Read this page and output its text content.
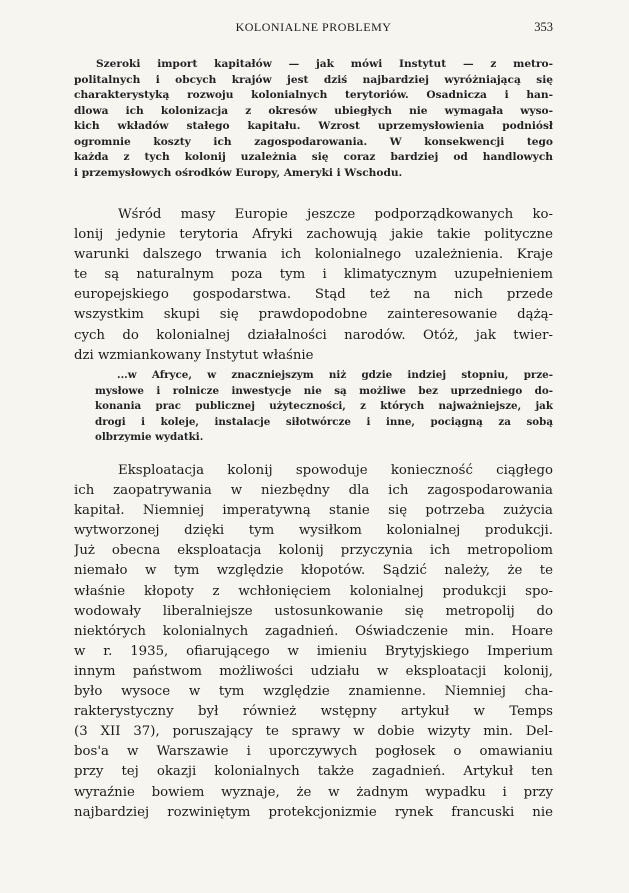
KOLONIALNE PROBLEMY	353
Szeroki import kapitałów — jak mówi Instytut — z metro-
politalnych i obcych krajów jest dziś najbardziej wyróżniającą się
charakterystyką rozwoju kolonialnych terytoriów. Osadnicza i han-
dlowa ich kolonizacja z okresów ubiegłych nie wymagała wyso-
kich wkładów stałego kapitału. Wzrost uprzemysłowienia podniósł
ogromnie koszty ich zagospodarowania. W konsekwencji tego
każda z tych kolonij uzależnia się coraz bardziej od handlowych
i przemysłowych ośrodków Europy, Ameryki i Wschodu.
Wśród masy Europie jeszcze podporządkowanych ko-
lonij jedynie terytoria Afryki zachowują jakie takie polityczne
warunki dalszego trwania ich kolonialnego uzależnienia. Kraje
te są naturalnym poza tym i klimatycznym uzupełnieniem
europejskiego gospodarstwa. Stąd też na nich przede
wszystkim skupi się prawdopodobne zainteresowanie dążą-
cych do kolonialnej działalności narodów. Otóż, jak twier-
dzi wzmiankowany Instytut właśnie
...w Afryce, w znaczniejszym niż gdzie indziej stopniu, prze-
mysłowe i rolnicze inwestycje nie są możliwe bez uprzedniego do-
konania prac publicznej użyteczności, z których najważniejsze, jak
drogi i koleje, instalacje siłotwórcze i inne, pociągną za sobą
olbrzymie wydatki.
Eksploatacja kolonij spowoduje konieczność ciągłego
ich zaopatrywania w niezbędny dla ich zagospodarowania
kapitał. Niemniej imperatywną stanie się potrzeba zużycia
wytworzonej dzięki tym wysiłkom kolonialnej produkcji.
Już obecna eksploatacja kolonij przyczynia ich metropoliom
niemało w tym względzie kłopotów. Sądzić należy, że te
właśnie kłopoty z wchłonięciem kolonialnej produkcji spo-
wodowały liberalniejsze ustosunkowanie się metropolij do
niektórych kolonialnych zagadnień. Oświadczenie min. Hoare
w r. 1935, ofiarującego w imieniu Brytyjskiego Imperium
innym państwom możliwości udziału w eksploatacji kolonij,
było wysoce w tym względzie znamienne. Niemniej cha-
rakterystyczny był również wstępny artykuł w Temps
(3 XII 37), poruszający te sprawy w dobie wizyty min. Del-
bos'a w Warszawie i uporczywych pogłosek o omawianiu
przy tej okazji kolonialnych także zagadnień. Artykuł ten
wyraźnie bowiem wyznaje, że w żadnym wypadku i przy
najbardziej rozwiniętym protekcjonizmie rynek francuski nie
